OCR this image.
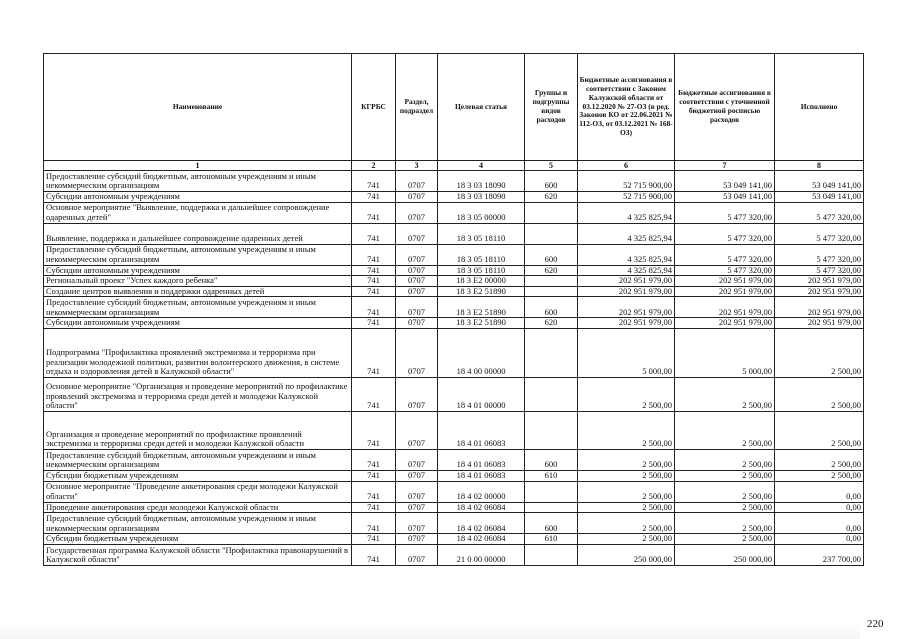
Наименование	КГРБС	Раздел, подраздел	Целевая статья	Группы и подгруппы видов расходов	Бюджетные ассигнования в соответствии с Законом Калужской области от 03.12.2020 № 27-ОЗ (в ред. Законов КО от 22.06.2021 № 112-ОЗ, от 03.12.2021 № 168-ОЗ)	Бюджетные ассигнования в соответствии с уточненной бюджетной росписью расходов	Исполнено
1	2	3	4	5	6	7	8
Предоставление субсидий бюджетным, автономным учреждениям и иным некоммерческим организациям	741	0707	18 3 03 18090	600	52 715 900,00	53 049 141,00	53 049 141,00
Субсидии автономным учреждениям	741	0707	18 3 03 18090	620	52 715 900,00	53 049 141,00	53 049 141,00
Основное мероприятие "Выявление, поддержка и дальнейшее сопровождение одаренных детей"	741	0707	18 3 05 00000		4 325 825,94	5 477 320,00	5 477 320,00
Выявление, поддержка и дальнейшее сопровождение одаренных детей	741	0707	18 3 05 18110		4 325 825,94	5 477 320,00	5 477 320,00
Предоставление субсидий бюджетным, автономным учреждениям и иным некоммерческим организациям	741	0707	18 3 05 18110	600	4 325 825,94	5 477 320,00	5 477 320,00
Субсидии автономным учреждениям	741	0707	18 3 05 18110	620	4 325 825,94	5 477 320,00	5 477 320,00
Региональный проект "Успех каждого ребенка"	741	0707	18 3 E2 00000		202 951 979,00	202 951 979,00	202 951 979,00
Создание центров выявления и поддержки одаренных детей	741	0707	18 3 E2 51890		202 951 979,00	202 951 979,00	202 951 979,00
Предоставление субсидий бюджетным, автономным учреждениям и иным некоммерческим организациям	741	0707	18 3 E2 51890	600	202 951 979,00	202 951 979,00	202 951 979,00
Субсидии автономным учреждениям	741	0707	18 3 E2 51890	620	202 951 979,00	202 951 979,00	202 951 979,00
Подпрограмма "Профилактика проявлений экстремизма и терроризма при реализации молодежной политики, развитии волонтерского движения, в системе отдыха и оздоровления детей в Калужской области"	741	0707	18 4 00 00000		5 000,00	5 000,00	2 500,00
Основное мероприятие "Организация и проведение мероприятий по профилактике проявлений экстремизма и терроризма среди детей и молодежи Калужской области"	741	0707	18 4 01 00000		2 500,00	2 500,00	2 500,00
Организация и проведение мероприятий по профилактике проявлений экстремизма и терроризма среди детей и молодежи Калужской области	741	0707	18 4 01 06083		2 500,00	2 500,00	2 500,00
Предоставление субсидий бюджетным, автономным учреждениям и иным некоммерческим организациям	741	0707	18 4 01 06083	600	2 500,00	2 500,00	2 500,00
Субсидии бюджетным учреждениям	741	0707	18 4 01 06083	610	2 500,00	2 500,00	2 500,00
Основное мероприятие "Проведение анкетирования среди молодежи Калужской области"	741	0707	18 4 02 00000		2 500,00	2 500,00	0,00
Проведение анкетирования среди молодежи Калужской области	741	0707	18 4 02 06084		2 500,00	2 500,00	0,00
Предоставление субсидий бюджетным, автономным учреждениям и иным некоммерческим организациям	741	0707	18 4 02 06084	600	2 500,00	2 500,00	0,00
Субсидии бюджетным учреждениям	741	0707	18 4 02 06084	610	2 500,00	2 500,00	0,00
Государственная программа Калужской области "Профилактика правонарушений в Калужской области"	741	0707	21 0 00 00000		250 000,00	250 000,00	237 700,00
220
